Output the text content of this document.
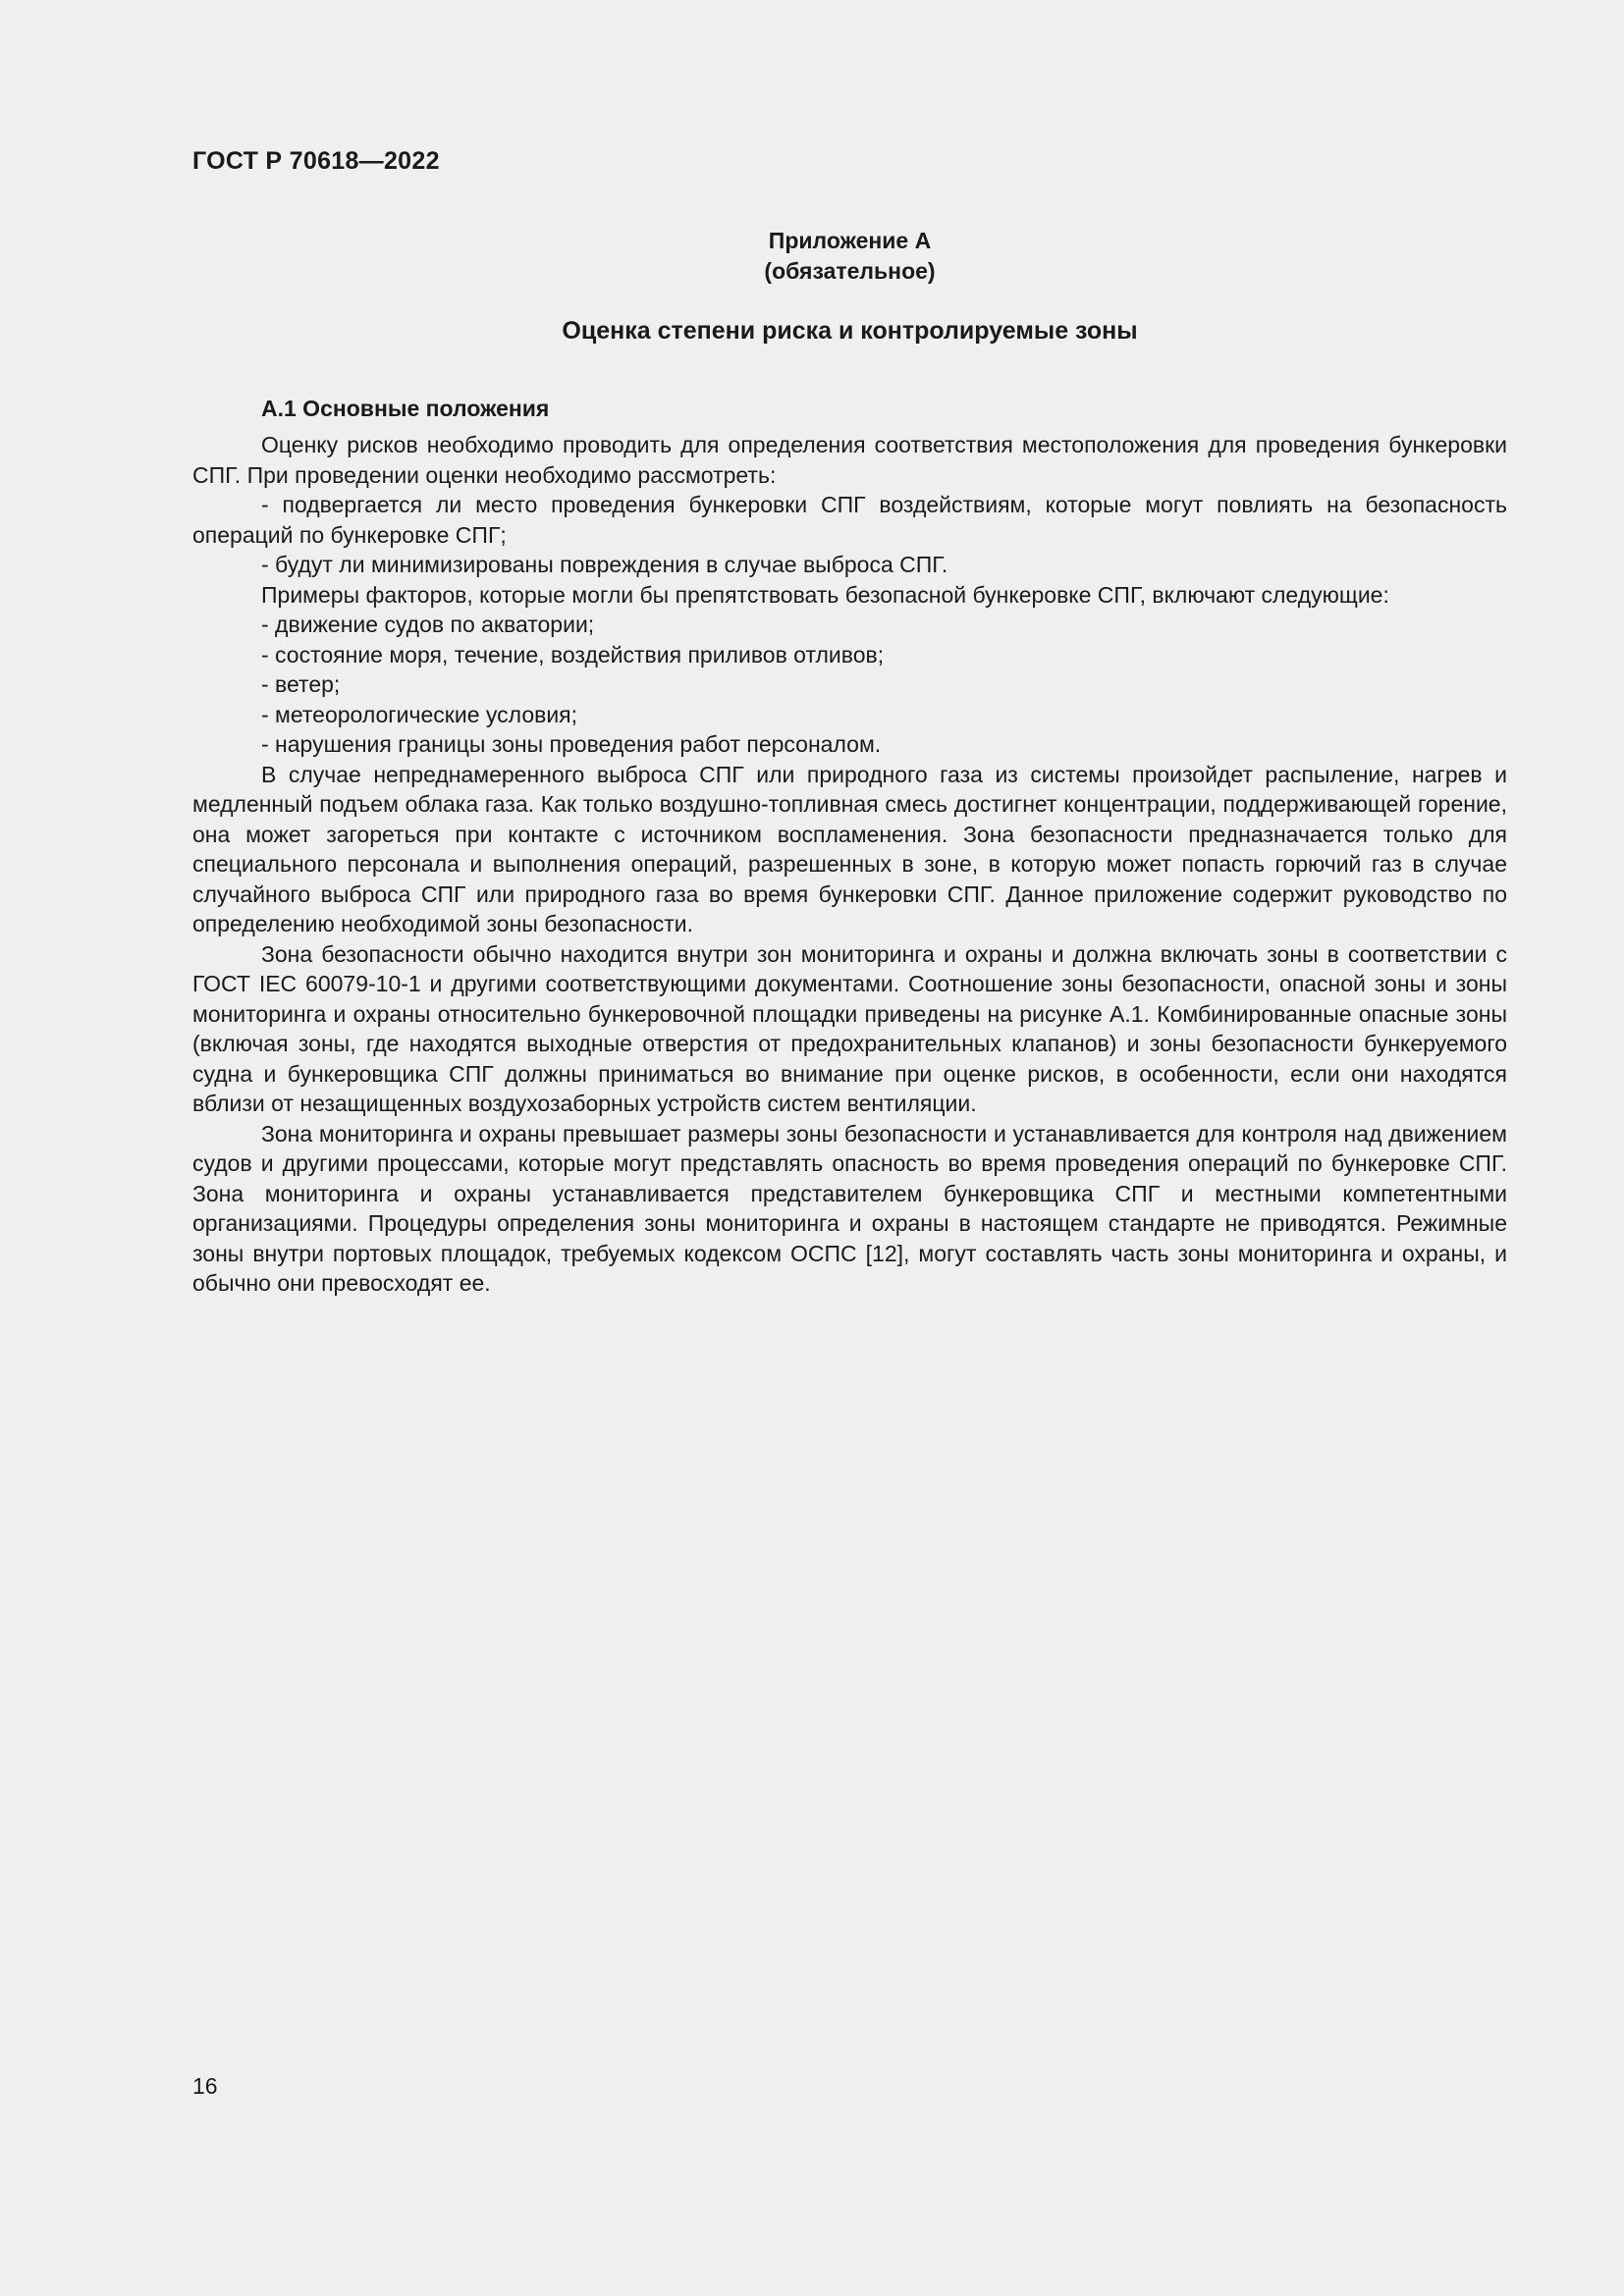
ГОСТ Р 70618—2022
Приложение А
(обязательное)
Оценка степени риска и контролируемые зоны
А.1 Основные положения

Оценку рисков необходимо проводить для определения соответствия местоположения для проведения бункеровки СПГ. При проведении оценки необходимо рассмотреть:

- подвергается ли место проведения бункеровки СПГ воздействиям, которые могут повлиять на безопасность операций по бункеровке СПГ;

- будут ли минимизированы повреждения в случае выброса СПГ.

Примеры факторов, которые могли бы препятствовать безопасной бункеровке СПГ, включают следующие:

- движение судов по акватории;

- состояние моря, течение, воздействия приливов отливов;

- ветер;

- метеорологические условия;

- нарушения границы зоны проведения работ персоналом.

В случае непреднамеренного выброса СПГ или природного газа из системы произойдет распыление, нагрев и медленный подъем облака газа. Как только воздушно-топливная смесь достигнет концентрации, поддерживающей горение, она может загореться при контакте с источником воспламенения. Зона безопасности предназначается только для специального персонала и выполнения операций, разрешенных в зоне, в которую может попасть горючий газ в случае случайного выброса СПГ или природного газа во время бункеровки СПГ. Данное приложение содержит руководство по определению необходимой зоны безопасности.

Зона безопасности обычно находится внутри зон мониторинга и охраны и должна включать зоны в соответствии с ГОСТ IEC 60079-10-1 и другими соответствующими документами. Соотношение зоны безопасности, опасной зоны и зоны мониторинга и охраны относительно бункеровочной площадки приведены на рисунке А.1. Комбинированные опасные зоны (включая зоны, где находятся выходные отверстия от предохранительных клапанов) и зоны безопасности бункеруемого судна и бункеровщика СПГ должны приниматься во внимание при оценке рисков, в особенности, если они находятся вблизи от незащищенных воздухозаборных устройств систем вентиляции.

Зона мониторинга и охраны превышает размеры зоны безопасности и устанавливается для контроля над движением судов и другими процессами, которые могут представлять опасность во время проведения операций по бункеровке СПГ. Зона мониторинга и охраны устанавливается представителем бункеровщика СПГ и местными компетентными организациями. Процедуры определения зоны мониторинга и охраны в настоящем стандарте не приводятся. Режимные зоны внутри портовых площадок, требуемых кодексом ОСПС [12], могут составлять часть зоны мониторинга и охраны, и обычно они превосходят ее.

16
